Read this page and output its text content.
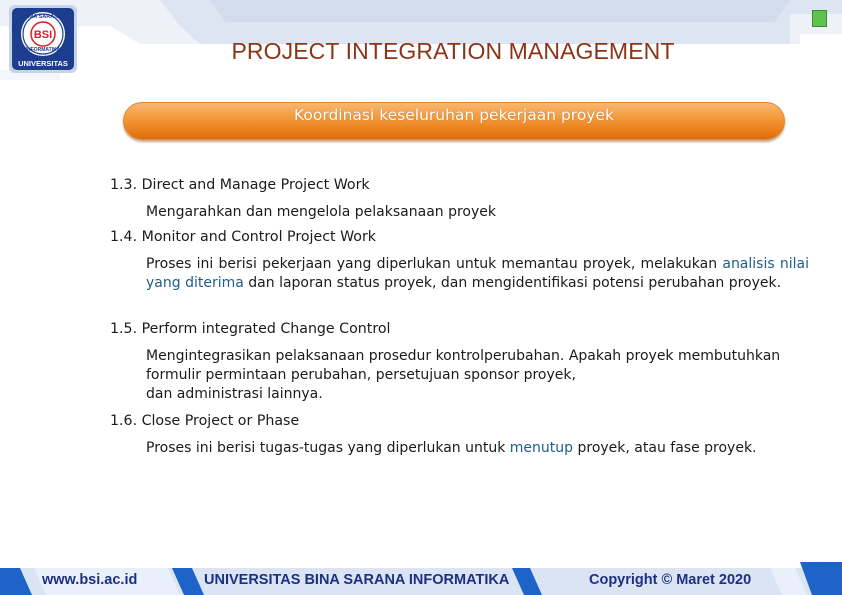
BSI
BINA SARANA
INFORMATIKA
UNIVERSITAS	PROJECT INTEGRATION MANAGEMENT
Koordinasi keseluruhan pekerjaan proyek
1.3. Direct and Manage Project Work
Mengarahkan dan mengelola pelaksanaan proyek
1.4. Monitor and Control Project Work
Proses ini berisi pekerjaan yang diperlukan untuk memantau proyek, melakukan analisis nilai yang diterima dan laporan status proyek, dan mengidentifikasi potensi perubahan proyek.
1.5. Perform integrated Change Control
Mengintegrasikan pelaksanaan prosedur kontrolperubahan. Apakah proyek membutuhkan
formulir permintaan perubahan, persetujuan sponsor proyek,
dan administrasi lainnya.
1.6. Close Project or Phase
Proses ini berisi tugas-tugas yang diperlukan untuk menutup proyek, atau fase proyek.
www.bsi.ac.id	UNIVERSITAS BINA SARANA INFORMATIKA	Copyright © Maret 2020
